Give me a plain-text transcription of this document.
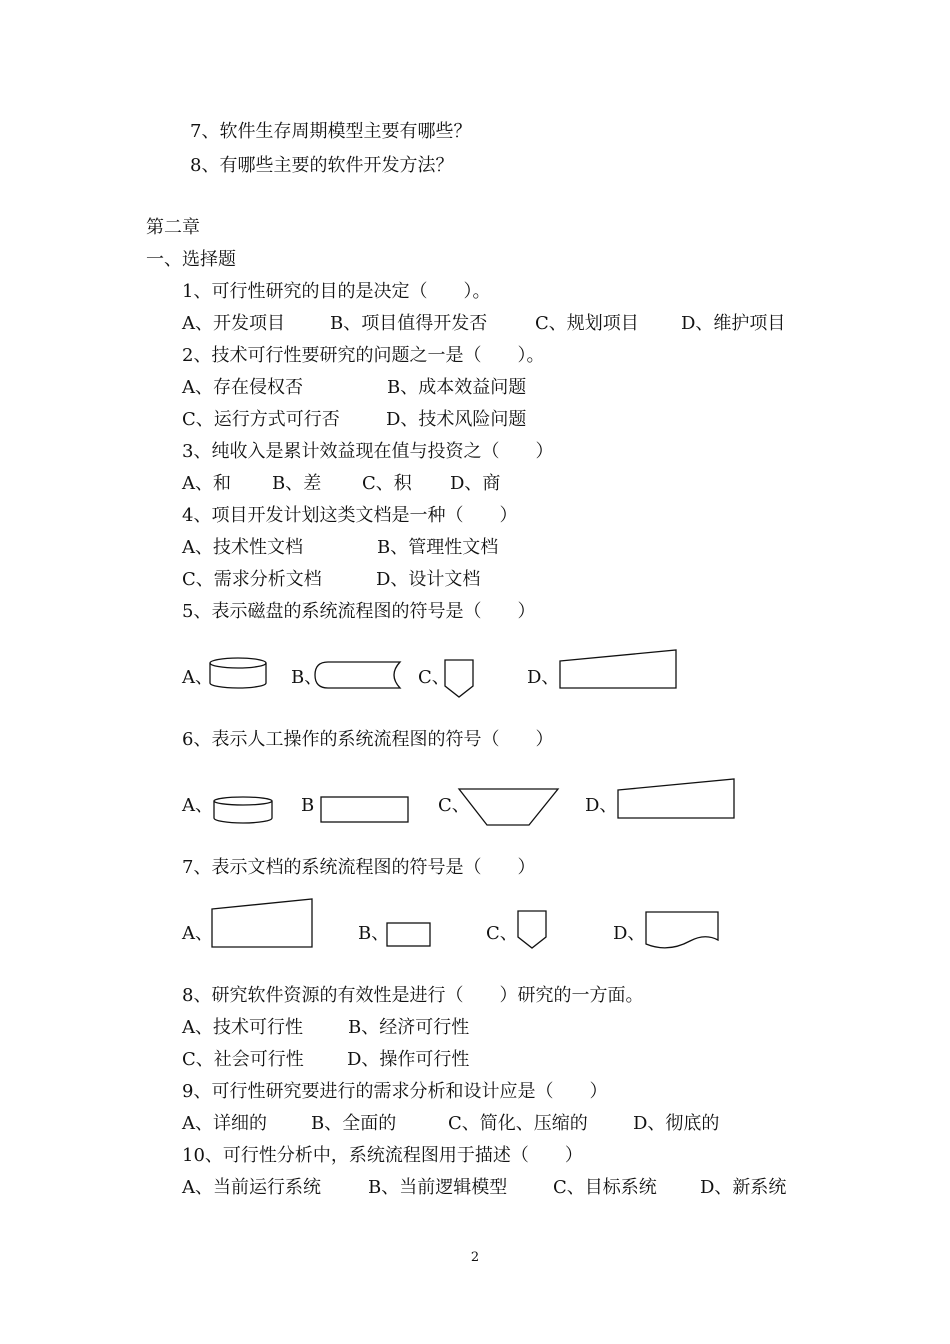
7、软件生存周期模型主要有哪些？
8、有哪些主要的软件开发方法？
第二章
一、选择题
1、可行性研究的目的是决定（　　）。
A、开发项目	B、项目值得开发否	C、规划项目 D、维护项目
2、技术可行性要研究的问题之一是（　　）。
A、存在侵权否	B、成本效益问题
C、运行方式可行否	D、技术风险问题
3、纯收入是累计效益现在值与投资之（　　）
A、和 B、差 C、积 D、商
4、项目开发计划这类文档是一种（　　）
A、技术性文档	B、管理性文档
C、需求分析文档	D、设计文档
5、表示磁盘的系统流程图的符号是（　　）
A、	B、	C、	D、
6、表示人工操作的系统流程图的符号（　　）
A、	B	C、	D、
7、表示文档的系统流程图的符号是（　　）
A、	B、	C、	D、
8、研究软件资源的有效性是进行（　　）研究的一方面。
A、技术可行性	B、经济可行性
C、社会可行性 D、操作可行性
9、可行性研究要进行的需求分析和设计应是（　　）
A、详细的 B、全面的	C、简化、压缩的	D、彻底的
10、可行性分析中，系统流程图用于描述（　　）
A、当前运行系统	B、当前逻辑模型	C、目标系统 D、新系统
2
